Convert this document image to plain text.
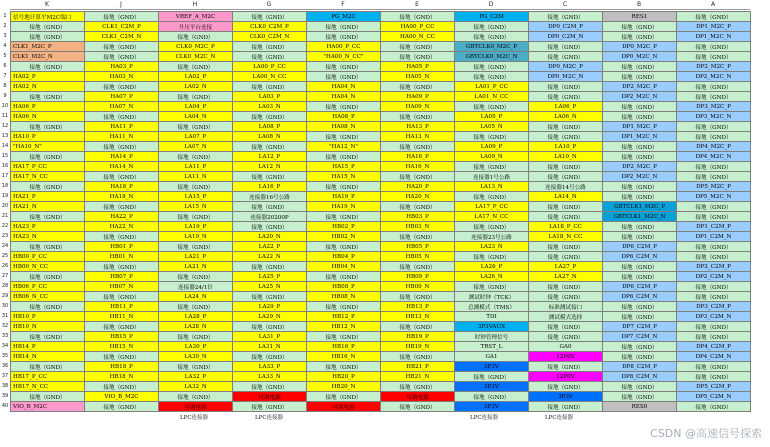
K	J	H	G	F	E	D	C	B	A
1	信号地计算平M2C端口	接地（GND）	VREF_A_M2C	接地（GND）	PG_M2C	接地（GND）	PG_C2M	接地（GND）	RES1	接地（GND）
2	接地（GND）	CLK1_C2M_P	升压平台连接	CLK0_C2M_P	接地（GND）	HA00_P_CC	接地（GND）	DP0_C2M_P	接地（GND）	DP1_M2C_P
3	接地（GND）	CLK1_C2M_N	接地（GND）	CLK0_C2M_N	接地（GND）	HA00_N_CC	接地（GND）	DP0_C2M_N	接地（GND）	DP1_M2C_N
4	CLK1_M2C_P	接地（GND）	CLK0_M2C_P	接地（GND）	HA00_P_CC	接地（GND）	GBTCLK0_M2C_P	接地（GND）	DP0_M2C_P	接地（GND）
5	CLK1_M2C_N	接地（GND）	CLK0_M2C_N	接地（GND）	"HA00_N_CC"	接地（GND）	GBTCLK0_M2C_N	接地（GND）	DP0_M2C_N	接地（GND）
6	接地（GND）	HA03_P	接地（GND）	LA00_P_CC	接地（GND）	HA05_P	接地（GND）	DP0_M2C_P	接地（GND）	DP2_M2C_P
7	HA02_P	HA03_N	LA02_P	LA00_N_CC	接地（GND）	HA05_N	接地（GND）	DP0_M2C_N	接地（GND）	DP2_M2C_N
8	HA02_N	接地（GND）	LA02_N	接地（GND）	HA04_N	接地（GND）	LA01_P_CC	接地（GND）	DP2_M2C_P	接地（GND）
9	接地（GND）	HA07_P	接地（GND）	LA03_P	HA04_N	HA09_P	LA01_N_CC	接地（GND）	DP2_M2C_N	接地（GND）
10 HA06_P	HA07_N	LA04_P	LA03_N	接地（GND）	HA09_N	接地（GND）	LA06_P	接地（GND）	DP3_M2C_P
11 HA06_N	接地（GND）	LA04_N	接地（GND）	HA08_P	接地（GND）	LA05_P	LA06_N	接地（GND）	DP3_M2C_N
12	接地（GND）	HA11_P	接地（GND）	LA08_P	HA08_N	HA13_P	LA05_N	接地（GND）	DP1_M2C_P	接地（GND）
13 HA10_P	HA11_N	LA07_P	LA08_N	接地（GND）	HA13_N	接地（GND）	接地（GND）	DP1_M2C_N	接地（GND）
14 "HA10_N"	接地（GND）	LA07_N	接地（GND）	"HA12_N"	接地（GND）	LA09_P	LA10_P	接地（GND）	DP4_M2C_P
15	接地（GND）	HA14_P	接地（GND）	LA12_P	接地（GND）	HA16_P	LA09_N	LA10_N	接地（GND）	DP4_M2C_N
16 HA17_P_CC	HA14_N	LA11_P	LA12_N	HA15_P	HA16_N	接地（GND）	接地（GND）	DP2_M2C_P	接地（GND）
17 HA17_N_CC	接地（GND）	LA11_N	接地（GND）	HA15_N	接地（GND）	连接器1号公路	接地（GND）	DP2_M2C_N	接地（GND）
18	接地（GND）	HA18_P	接地（GND）	LA16_P	接地（GND）	HA20_P	LA13_N	连接器14号公路	接地（GND）	DP5_M2C_P
19 HA21_P	HA18_N	LA15_P	连接器16号公路	HA19_P	HA20_N	接地（GND）	LA14_N	接地（GND）	DP5_M2C_N
20 HA21_N	接地（GND）	LA15_N	接地（GND）	HA19_N	接地（GND）	LA17_P_CC	接地（GND）	GBTCLK1_M2C_P	接地（GND）
21	接地（GND）	HA22_P	接地（GND）	连接器20200P	接地（GND）	HB03_P	LA17_N_CC	接地（GND）	GBTCLK1_M2C_N	接地（GND）
22 HA23_P	HA22_N	LA19_P	接地（GND）	HB02_P	HB03_N	接地（GND）	LA18_P_CC	接地（GND）	DP1_C2M_P
23 HA23_N	接地（GND）	LA19_N	LA20_N	HB02_N	接地（GND）	连接器23号公路	LA18_N_CC	接地（GND）	DP1_C2M_N
24	接地（GND）	HB01_P	接地（GND）	LA22_P	接地（GND）	HB05_P	LA23_N	接地（GND）	DP6_C2M_P	接地（GND）
25 HB00_P_CC	HB01_N	LA21_P	LA22_N	HB04_P	HB05_N	接地（GND）	接地（GND）	DP6_C2M_N	接地（GND）
26 HB00_N_CC	接地（GND）	LA21_N	接地（GND）	HB04_N	接地（GND）	LA26_P	LA27_P	接地（GND）	DP2_C2M_P
27	接地（GND）	HB07_P	接地（GND）	LA25_P	接地（GND）	HB09_P	LA26_N	LA27_N	接地（GND）	DP2_C2M_N
28 HB06_P_CC	HB07_N	连接器24/1针	LA25_N	HB08_P	HB09_N	接地（GND）	接地（GND）	DP6_C2M_P	接地（GND）
29 HB06_N_CC	接地（GND）	LA24_N	接地（GND）	HB08_N	接地（GND）	测试时钟（TCK）	接地（GND）	DP6_C2M_N	接地（GND）
30	接地（GND）	HB11_P	接地（GND）	LA29_P	接地（GND）	HB13_P	总测模式（TMS）	标准测试接口	接地（GND）	DP3_C2M_P
31 HB10_P	HB11_N	LA28_P	LA29_N	HB12_P	HB13_N	TDI	测试模式选择	接地（GND）	DP3_C2M_N
32 HB10_N	接地（GND）	LA28_N	接地（GND）	HB12_N	接地（GND）	3P3VAUX	接地（GND）	DP7_C2M_P	接地（GND）
33	接地（GND）	HB15_P	接地（GND）	LA31_P	接地（GND）	HB19_P	时钟管理信号	接地（GND）	DP7_C2M_N	接地（GND）
34 HB14_P	HB15_N	LA30_P	LA31_N	HB16_P	HB19_N	TRST_L	GA0	接地（GND）	DP4_C2M_P
35 HB14_N	接地（GND）	LA30_N	接地（GND）	HB16_N	接地（GND）	GA1	12P0V	接地（GND）	DP4_C2M_N
36	接地（GND）	HB18_P	接地（GND）	LA33_P	接地（GND）	HB21_P	3P3V	接地（GND）	DP8_C2M_P	接地（GND）
37 HB17_P_CC	HB18_N	LA32_P	LA33_N	HB20_P	HB21_N	接地（GND）	12P0V	DP8_C2M_N	接地（GND）
38 HB17_N_CC	接地（GND）	LA32_N	接地（GND）	HB20_N	接地（GND）	3P3V	接地（GND）	接地（GND）	DP5_C2M_P
39	接地（GND）	VIO_B_M2C	接地（GND）	可调电源	接地（GND）	可调电源	接地（GND）	3P3V	接地（GND）	DP5_C2M_N
40 VIO_B_M2C	接地（GND）	可调电源	接地（GND）	可调电源	接地（GND）	3P3V	接地（GND）	RES0	接地（GND）
LPC连接器	LPC连接器	LPC连接器	LPC连接器
CSDN @高速信号探索
